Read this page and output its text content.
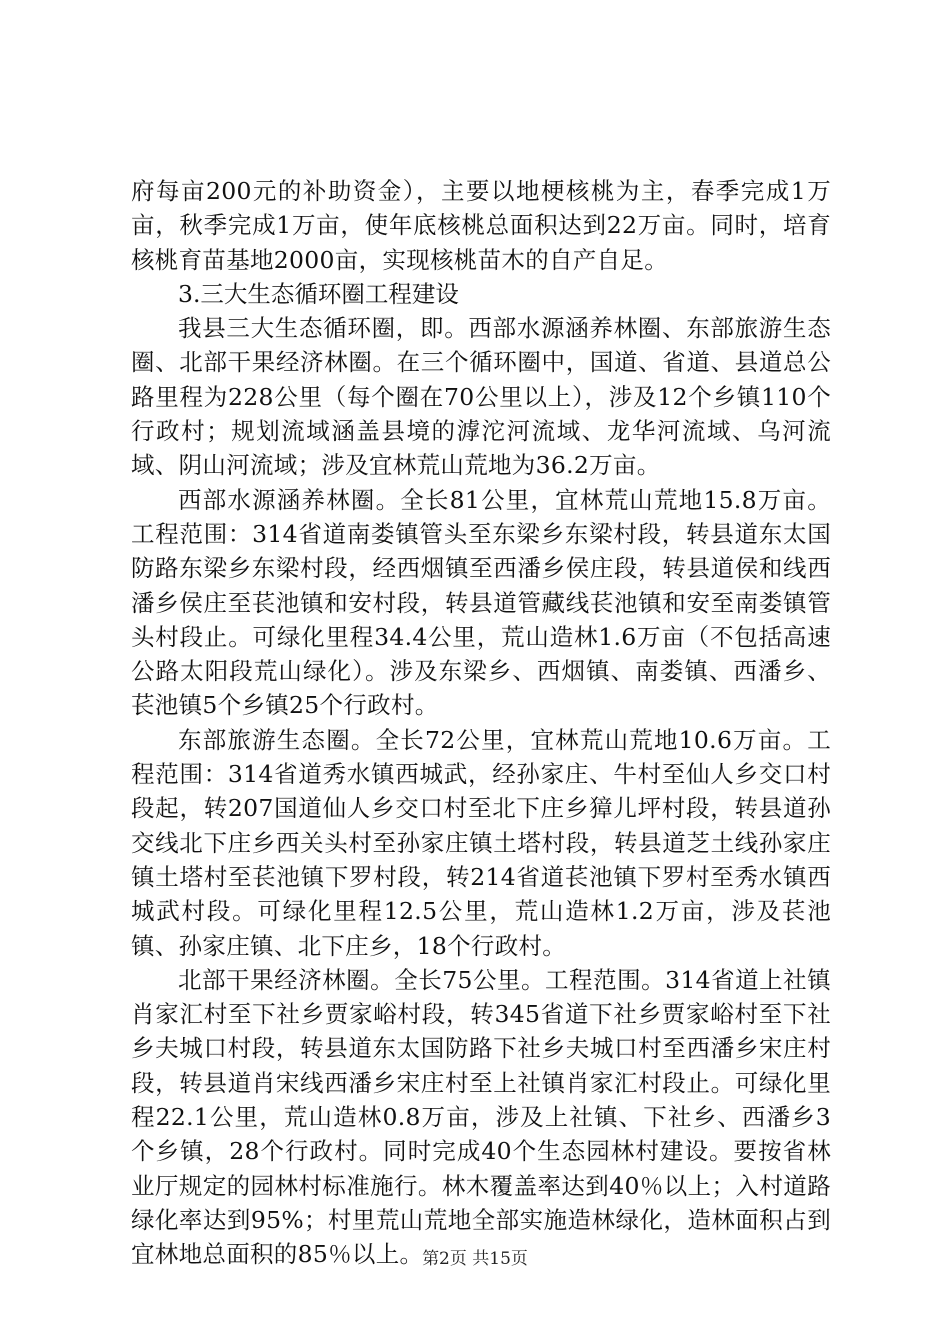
府每亩200元的补助资金），主要以地梗核桃为主，春季完成1万亩，秋季完成1万亩，使年底核桃总面积达到22万亩。同时，培育核桃育苗基地2000亩，实现核桃苗木的自产自足。

3.三大生态循环圈工程建设

我县三大生态循环圈，即。西部水源涵养林圈、东部旅游生态圈、北部干果经济林圈。在三个循环圈中，国道、省道、县道总公路里程为228公里（每个圈在70公里以上），涉及12个乡镇110个行政村；规划流域涵盖县境的滹沱河流域、龙华河流域、乌河流域、阴山河流域；涉及宜林荒山荒地为36.2万亩。

西部水源涵养林圈。全长81公里，宜林荒山荒地15.8万亩。工程范围：314省道南娄镇管头至东梁乡东梁村段，转县道东太国防路东梁乡东梁村段，经西烟镇至西潘乡侯庄段，转县道侯和线西潘乡侯庄至苌池镇和安村段，转县道管藏线苌池镇和安至南娄镇管头村段止。可绿化里程34.4公里，荒山造林1.6万亩（不包括高速公路太阳段荒山绿化）。涉及东梁乡、西烟镇、南娄镇、西潘乡、苌池镇5个乡镇25个行政村。

东部旅游生态圈。全长72公里，宜林荒山荒地10.6万亩。工程范围：314省道秀水镇西城武，经孙家庄、牛村至仙人乡交口村段起，转207国道仙人乡交口村至北下庄乡獐儿坪村段，转县道孙交线北下庄乡西关头村至孙家庄镇土塔村段，转县道芝土线孙家庄镇土塔村至苌池镇下罗村段，转214省道苌池镇下罗村至秀水镇西城武村段。可绿化里程12.5公里，荒山造林1.2万亩，涉及苌池镇、孙家庄镇、北下庄乡，18个行政村。

北部干果经济林圈。全长75公里。工程范围。314省道上社镇肖家汇村至下社乡贾家峪村段，转345省道下社乡贾家峪村至下社乡夫城口村段，转县道东太国防路下社乡夫城口村至西潘乡宋庄村段，转县道肖宋线西潘乡宋庄村至上社镇肖家汇村段止。可绿化里程22.1公里，荒山造林0.8万亩，涉及上社镇、下社乡、西潘乡3个乡镇，28个行政村。同时完成40个生态园林村建设。要按省林业厅规定的园林村标准施行。林木覆盖率达到40％以上；入村道路绿化率达到95%；村里荒山荒地全部实施造林绿化，造林面积占到宜林地总面积的85％以上。

第2页 共15页
